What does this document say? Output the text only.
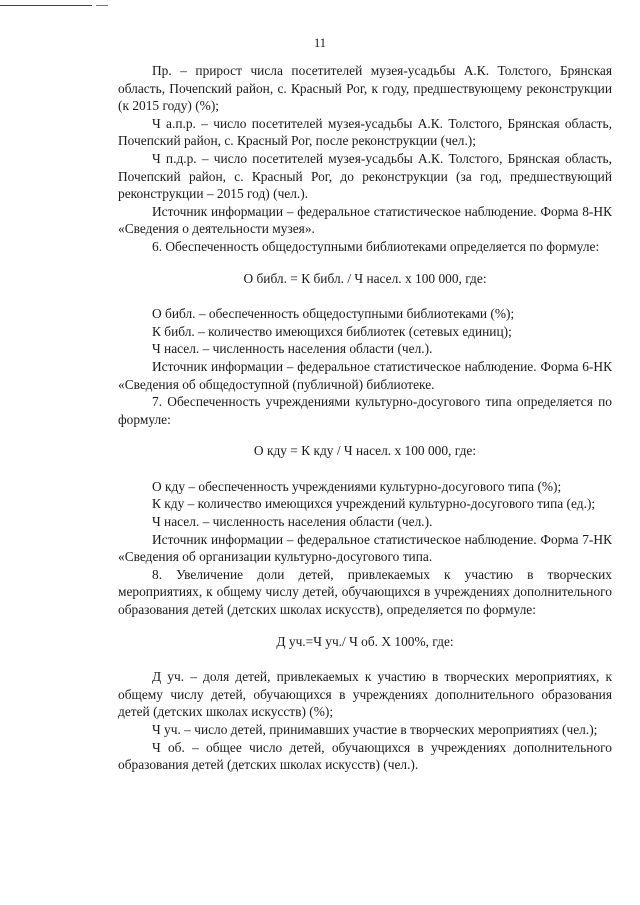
11

Пр. – прирост числа посетителей музея-усадьбы А.К. Толстого, Брянская область, Почепский район, с. Красный Рог, к году, предшествующему реконструкции (к 2015 году) (%);

Ч а.п.р. – число посетителей музея-усадьбы А.К. Толстого, Брянская область, Почепский район, с. Красный Рог, после реконструкции (чел.);

Ч п.д.р. – число посетителей музея-усадьбы А.К. Толстого, Брянская область, Почепский район, с. Красный Рог, до реконструкции (за год, предшествующий реконструкции – 2015 год) (чел.).

Источник информации – федеральное статистическое наблюдение. Форма 8-НК «Сведения о деятельности музея».

6. Обеспеченность общедоступными библиотеками определяется по формуле:

О библ. = К библ. / Ч насел. х 100 000, где:

О библ. – обеспеченность общедоступными библиотеками (%);

К библ. – количество имеющихся библиотек (сетевых единиц);

Ч насел. – численность населения области (чел.).

Источник информации – федеральное статистическое наблюдение. Форма 6-НК «Сведения об общедоступной (публичной) библиотеке.

7. Обеспеченность учреждениями культурно-досугового типа определяется по формуле:

О кду = К кду / Ч насел. х 100 000, где:

О кду – обеспеченность учреждениями культурно-досугового типа (%);

К кду – количество имеющихся учреждений культурно-досугового типа (ед.);

Ч насел. – численность населения области (чел.).

Источник информации – федеральное статистическое наблюдение. Форма 7-НК «Сведения об организации культурно-досугового типа.

8. Увеличение доли детей, привлекаемых к участию в творческих мероприятиях, к общему числу детей, обучающихся в учреждениях дополнительного образования детей (детских школах искусств), определяется по формуле:

Д уч.=Ч уч./ Ч об. Х 100%, где:

Д уч. – доля детей, привлекаемых к участию в творческих мероприятиях, к общему числу детей, обучающихся в учреждениях дополнительного образования детей (детских школах искусств) (%);

Ч уч. – число детей, принимавших участие в творческих мероприятиях (чел.);

Ч об. – общее число детей, обучающихся в учреждениях дополнительного образования детей (детских школах искусств) (чел.).
